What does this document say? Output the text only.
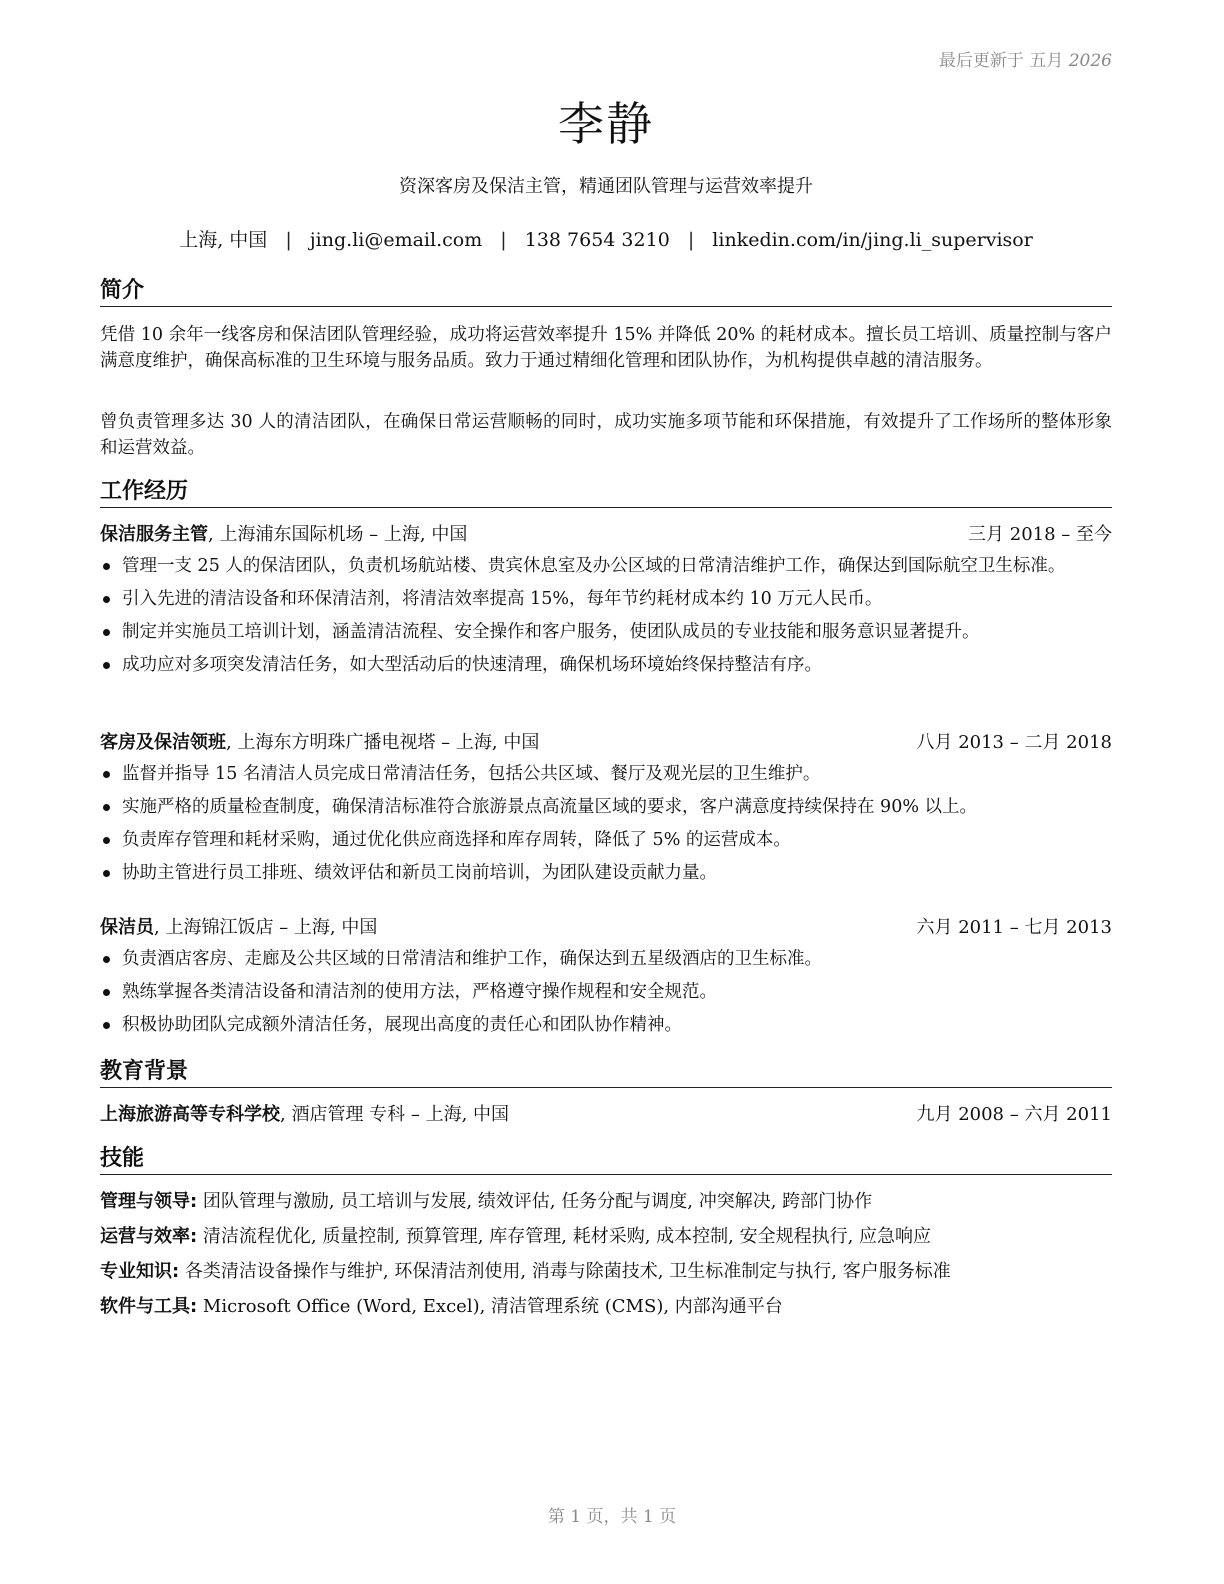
最后更新于 五月 2026
李静
资深客房及保洁主管，精通团队管理与运营效率提升
上海, 中国 | jing.li@email.com | 138 7654 3210 | linkedin.com/in/jing.li_supervisor
简介
凭借 10 余年一线客房和保洁团队管理经验，成功将运营效率提升 15% 并降低 20% 的耗材成本。擅长员工培训、质量控制与客户满意度维护，确保高标准的卫生环境与服务品质。致力于通过精细化管理和团队协作，为机构提供卓越的清洁服务。
曾负责管理多达 30 人的清洁团队，在确保日常运营顺畅的同时，成功实施多项节能和环保措施，有效提升了工作场所的整体形象和运营效益。
工作经历
保洁服务主管, 上海浦东国际机场 – 上海, 中国	三月 2018 – 至今
管理一支 25 人的保洁团队，负责机场航站楼、贵宾休息室及办公区域的日常清洁维护工作，确保达到国际航空卫生标准。
引入先进的清洁设备和环保清洁剂，将清洁效率提高 15%，每年节约耗材成本约 10 万元人民币。
制定并实施员工培训计划，涵盖清洁流程、安全操作和客户服务，使团队成员的专业技能和服务意识显著提升。
成功应对多项突发清洁任务，如大型活动后的快速清理，确保机场环境始终保持整洁有序。
客房及保洁领班, 上海东方明珠广播电视塔 – 上海, 中国	八月 2013 – 二月 2018
监督并指导 15 名清洁人员完成日常清洁任务，包括公共区域、餐厅及观光层的卫生维护。
实施严格的质量检查制度，确保清洁标准符合旅游景点高流量区域的要求，客户满意度持续保持在 90% 以上。
负责库存管理和耗材采购，通过优化供应商选择和库存周转，降低了 5% 的运营成本。
协助主管进行员工排班、绩效评估和新员工岗前培训，为团队建设贡献力量。
保洁员, 上海锦江饭店 – 上海, 中国	六月 2011 – 七月 2013
负责酒店客房、走廊及公共区域的日常清洁和维护工作，确保达到五星级酒店的卫生标准。
熟练掌握各类清洁设备和清洁剂的使用方法，严格遵守操作规程和安全规范。
积极协助团队完成额外清洁任务，展现出高度的责任心和团队协作精神。
教育背景
上海旅游高等专科学校, 酒店管理 专科 – 上海, 中国	九月 2008 – 六月 2011
技能
管理与领导: 团队管理与激励, 员工培训与发展, 绩效评估, 任务分配与调度, 冲突解决, 跨部门协作
运营与效率: 清洁流程优化, 质量控制, 预算管理, 库存管理, 耗材采购, 成本控制, 安全规程执行, 应急响应
专业知识: 各类清洁设备操作与维护, 环保清洁剂使用, 消毒与除菌技术, 卫生标准制定与执行, 客户服务标准
软件与工具: Microsoft Office (Word, Excel), 清洁管理系统 (CMS), 内部沟通平台
第 1 页，共 1 页
